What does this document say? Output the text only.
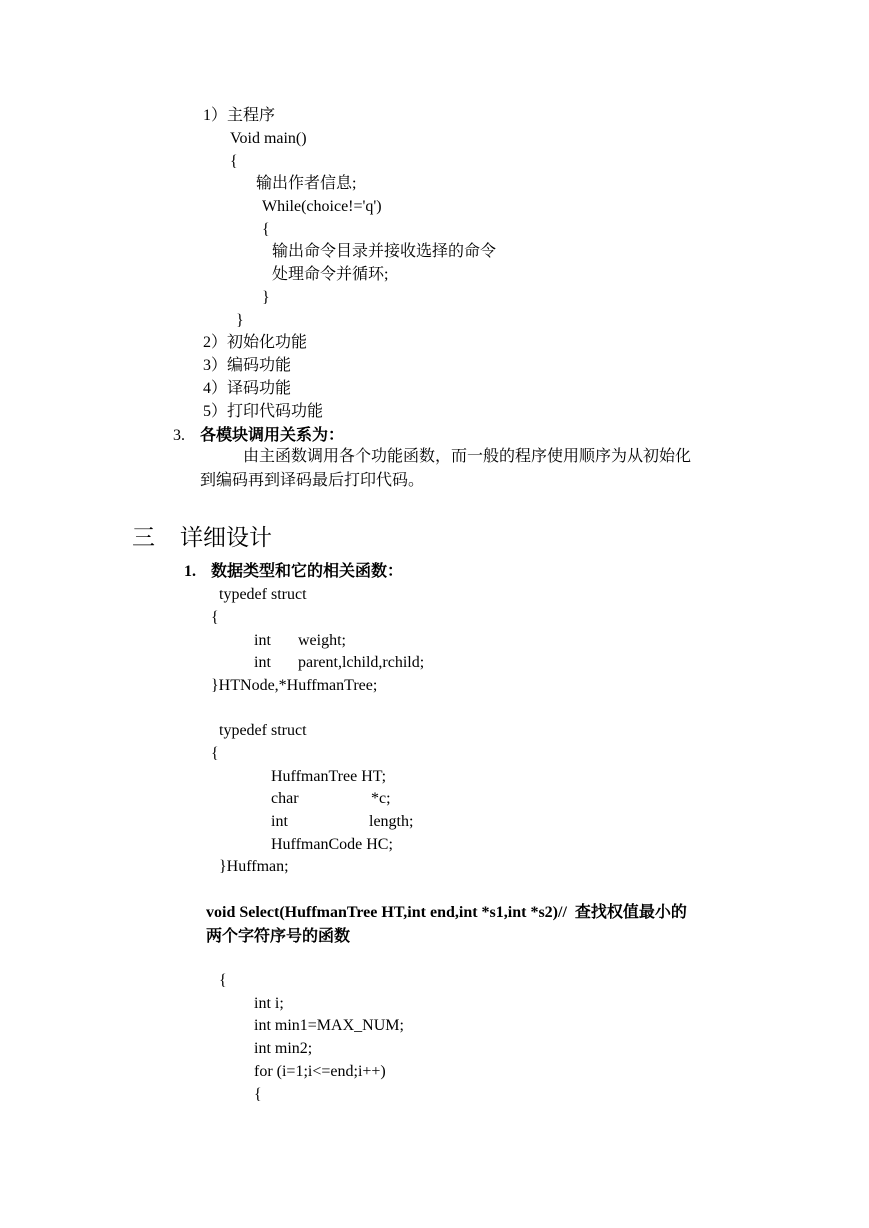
1）主程序

Void main()

{

输出作者信息;

While(choice!='q')

{

输出命令目录并接收选择的命令

处理命令并循环;

}

}

2）初始化功能

3）编码功能

4）译码功能

5）打印代码功能

3. 各模块调用关系为：

由主函数调用各个功能函数，而一般的程序使用顺序为从初始化

到编码再到译码最后打印代码。

三 详细设计

1. 数据类型和它的相关函数：

typedef struct

{

int weight;

int parent,lchild,rchild;

}HTNode,*HuffmanTree;

typedef struct

{

HuffmanTree HT;

char	*c;

int	length;

HuffmanCode HC;

}Huffman;

void Select(HuffmanTree HT,int end,int *s1,int *s2)//  查找权值最小的

两个字符序号的函数

{

int i;

int min1=MAX_NUM;

int min2;

for (i=1;i<=end;i++)

{
